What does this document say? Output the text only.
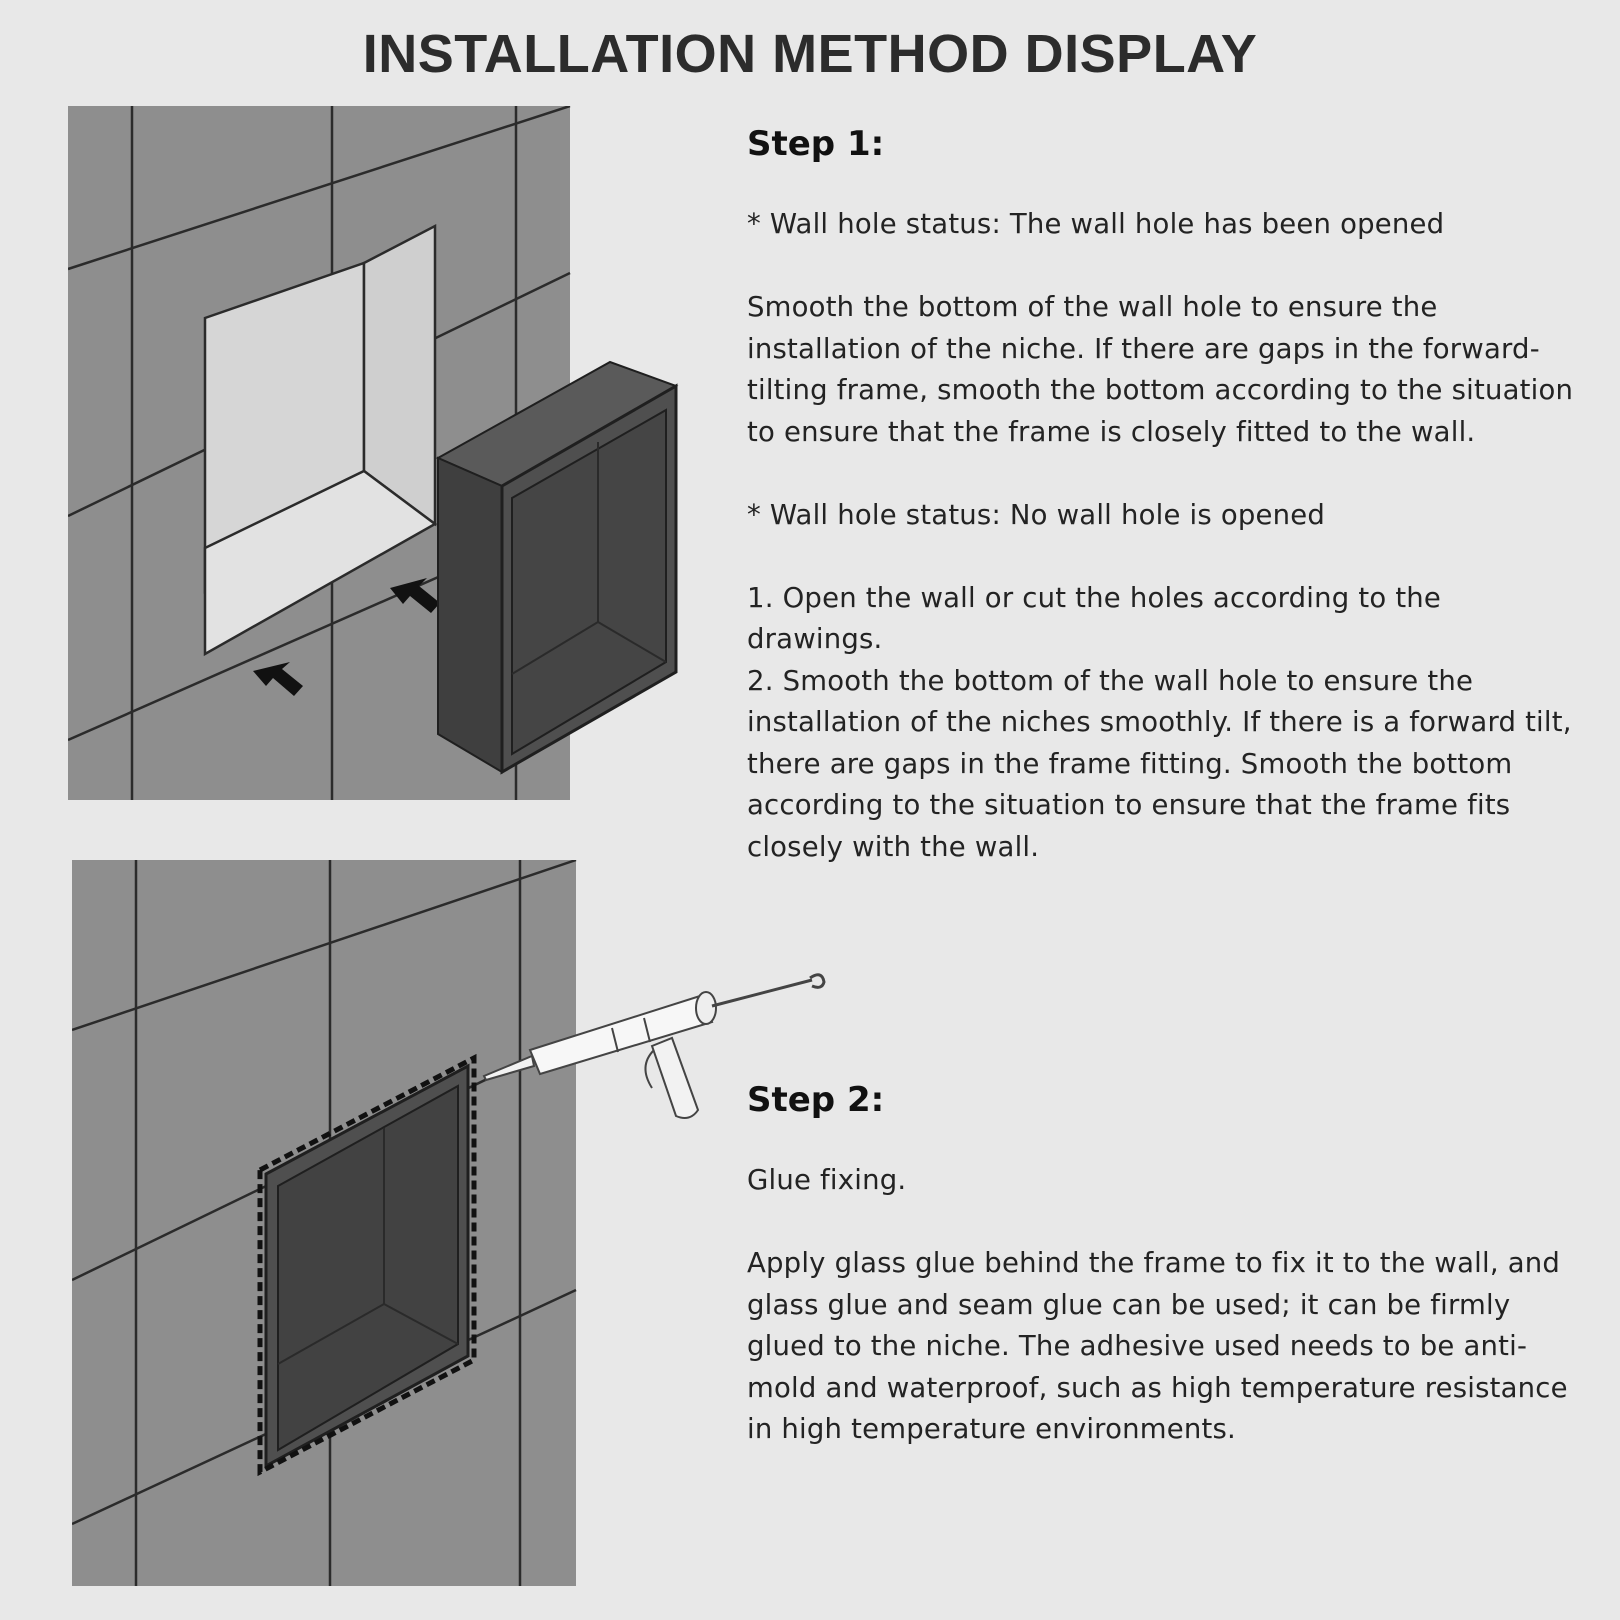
INSTALLATION METHOD DISPLAY
Step 1:

* Wall hole status: The wall hole has been opened

Smooth the bottom of the wall hole to ensure the installation of the niche. If there are gaps in the forward-tilting frame, smooth the bottom according to the situation to ensure that the frame is closely fitted to the wall.

* Wall hole status: No wall hole is opened

1. Open the wall or cut the holes according to the drawings.

2. Smooth the bottom of the wall hole to ensure the installation of the niches smoothly. If there is a forward tilt, there are gaps in the frame fitting. Smooth the bottom according to the situation to ensure that the frame fits closely with the wall.

Step 2:

Glue fixing.

Apply glass glue behind the frame to fix it to the wall, and glass glue and seam glue can be used; it can be firmly glued to the niche. The adhesive used needs to be anti-mold and waterproof, such as high temperature resistance in high temperature environments.
